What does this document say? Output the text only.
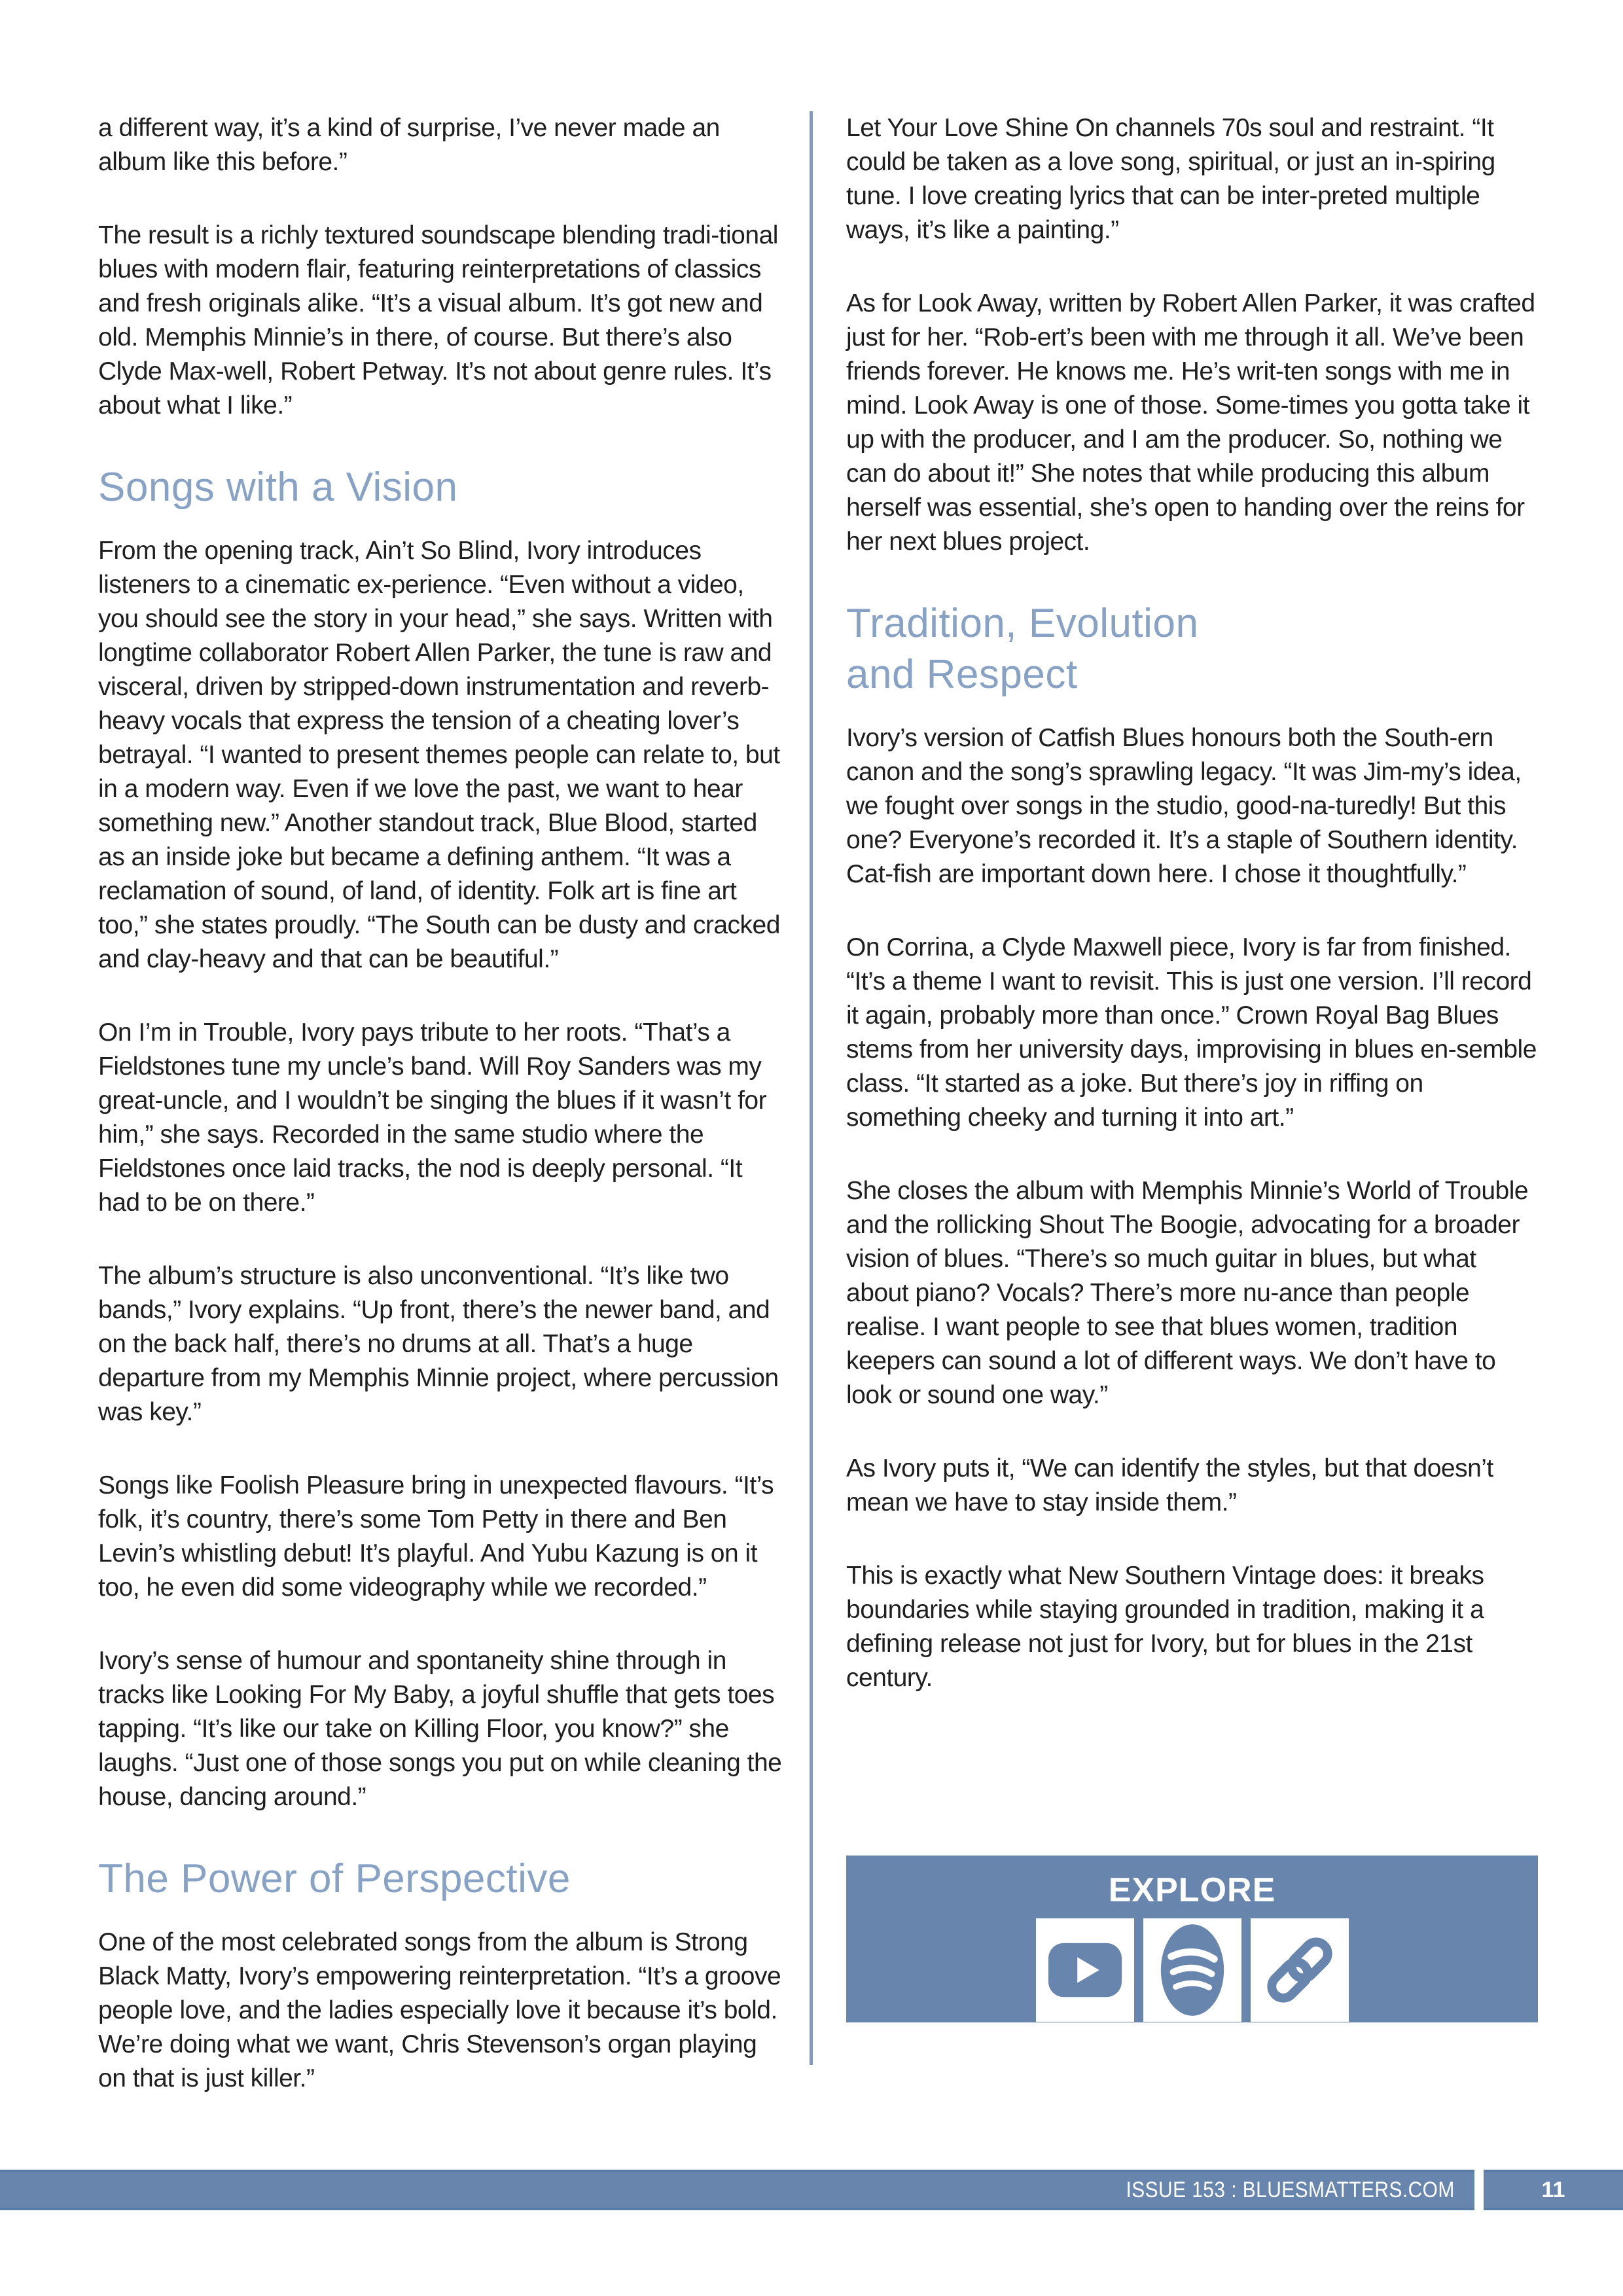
a different way, it’s a kind of surprise, I’ve never made an album like this before.”

The result is a richly textured soundscape blending tradi-tional blues with modern flair, featuring reinterpretations of classics and fresh originals alike. “It’s a visual album. It’s got new and old. Memphis Minnie’s in there, of course. But there’s also Clyde Max-well, Robert Petway. It’s not about genre rules. It’s about what I like.”

Songs with a Vision

From the opening track, Ain’t So Blind, Ivory introduces listeners to a cinematic ex-perience. “Even without a video, you should see the story in your head,” she says. Written with longtime collaborator Robert Allen Parker, the tune is raw and visceral, driven by stripped-down instrumentation and reverb-heavy vocals that express the tension of a cheating lover’s betrayal. “I wanted to present themes people can relate to, but in a modern way. Even if we love the past, we want to hear something new.” Another standout track, Blue Blood, started as an inside joke but became a defining anthem. “It was a reclamation of sound, of land, of identity. Folk art is fine art too,” she states proudly. “The South can be dusty and cracked and clay-heavy and that can be beautiful.”

On I’m in Trouble, Ivory pays tribute to her roots. “That’s a Fieldstones tune my uncle’s band. Will Roy Sanders was my great-uncle, and I wouldn’t be singing the blues if it wasn’t for him,” she says. Recorded in the same studio where the Fieldstones once laid tracks, the nod is deeply personal. “It had to be on there.”

The album’s structure is also unconventional. “It’s like two bands,” Ivory explains. “Up front, there’s the newer band, and on the back half, there’s no drums at all. That’s a huge departure from my Memphis Minnie project, where percussion was key.”

Songs like Foolish Pleasure bring in unexpected flavours. “It’s folk, it’s country, there’s some Tom Petty in there and Ben Levin’s whistling debut! It’s playful. And Yubu Kazung is on it too, he even did some videography while we recorded.”

Ivory’s sense of humour and spontaneity shine through in tracks like Looking For My Baby, a joyful shuffle that gets toes tapping. “It’s like our take on Killing Floor, you know?” she laughs. “Just one of those songs you put on while cleaning the house, dancing around.”

The Power of Perspective

One of the most celebrated songs from the album is Strong Black Matty, Ivory’s empowering reinterpretation. “It’s a groove people love, and the ladies especially love it because it’s bold. We’re doing what we want, Chris Stevenson’s organ playing on that is just killer.”

Let Your Love Shine On channels 70s soul and restraint. “It could be taken as a love song, spiritual, or just an in-spiring tune. I love creating lyrics that can be inter-preted multiple ways, it’s like a painting.”

As for Look Away, written by Robert Allen Parker, it was crafted just for her. “Rob-ert’s been with me through it all. We’ve been friends forever. He knows me. He’s writ-ten songs with me in mind. Look Away is one of those. Some-times you gotta take it up with the producer, and I am the producer. So, nothing we can do about it!” She notes that while producing this album herself was essential, she’s open to handing over the reins for her next blues project.

Tradition, Evolution
and Respect

Ivory’s version of Catfish Blues honours both the South-ern canon and the song’s sprawling legacy. “It was Jim-my’s idea, we fought over songs in the studio, good-na-turedly! But this one? Everyone’s recorded it. It’s a staple of Southern identity. Cat-fish are important down here. I chose it thoughtfully.”

On Corrina, a Clyde Maxwell piece, Ivory is far from finished. “It’s a theme I want to revisit. This is just one version. I’ll record it again, probably more than once.” Crown Royal Bag Blues stems from her university days, improvising in blues en-semble class. “It started as a joke. But there’s joy in riffing on something cheeky and turning it into art.”

She closes the album with Memphis Minnie’s World of Trouble and the rollicking Shout The Boogie, advocating for a broader vision of blues. “There’s so much guitar in blues, but what about piano? Vocals? There’s more nu-ance than people realise. I want people to see that blues women, tradition keepers can sound a lot of different ways. We don’t have to look or sound one way.”

As Ivory puts it, “We can identify the styles, but that doesn’t mean we have to stay inside them.”

This is exactly what New Southern Vintage does: it breaks boundaries while staying grounded in tradition, making it a defining release not just for Ivory, but for blues in the 21st century.

EXPLORE
ISSUE 153 : BLUESMATTERS.COM	11
